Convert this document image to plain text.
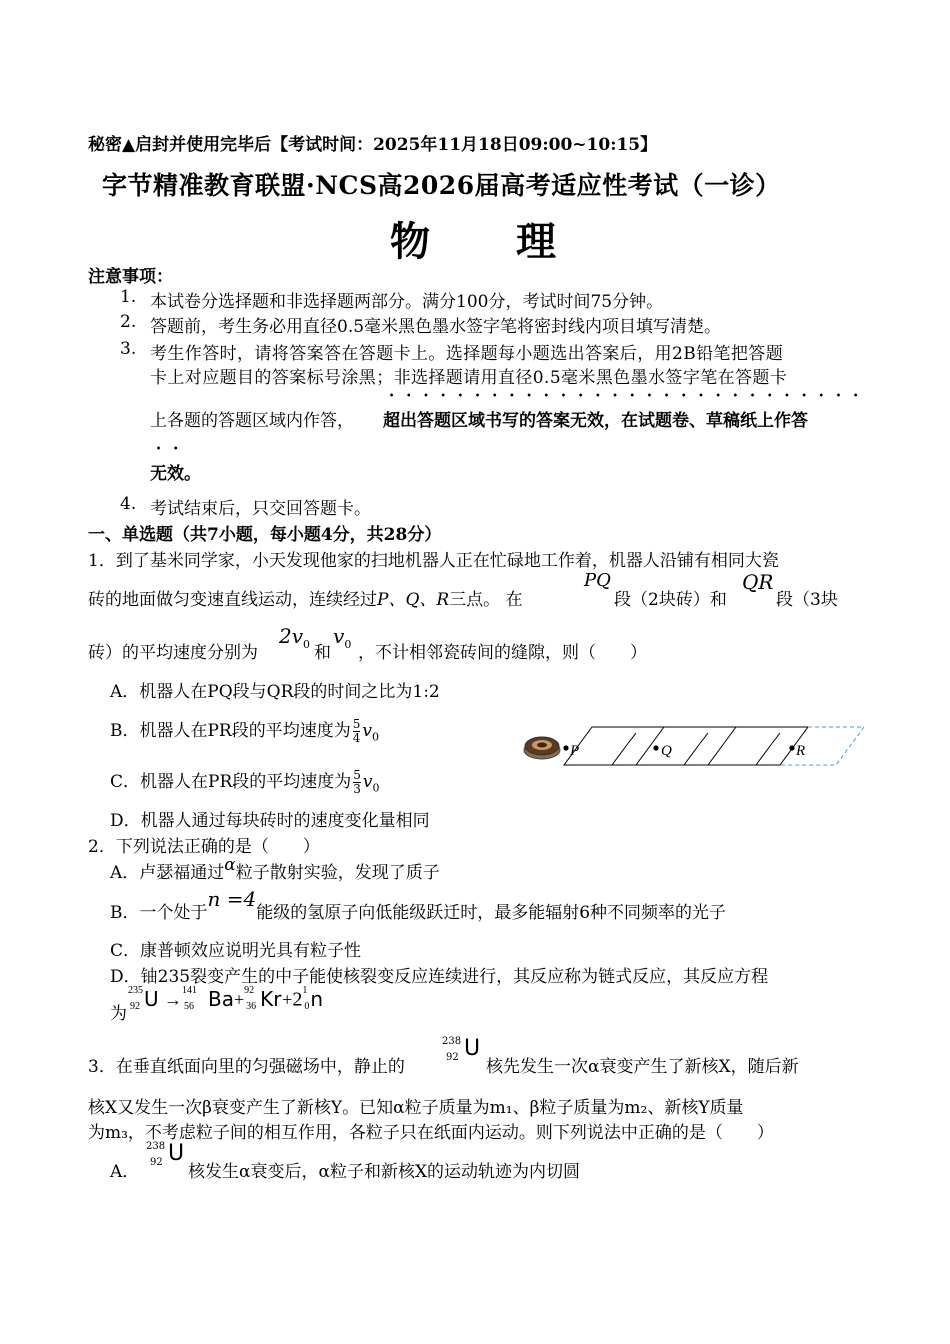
秘密▲启封并使用完毕后【考试时间：2025年11月18日09:00~10:15】
字节精准教育联盟·NCS高2026届高考适应性考试（一诊）
物　　理
注意事项：
1. 本试卷分选择题和非选择题两部分。满分100分，考试时间75分钟。
2. 答题前，考生务必用直径0.5毫米黑色墨水签字笔将密封线内项目填写清楚。
3. 考生作答时，请将答案答在答题卡上。选择题每小题选出答案后，用2B铅笔把答题
卡上对应题目的答案标号涂黑；非选择题请用直径0.5毫米黑色墨水签字笔在答题卡
上各题的答题区域内作答， 超出答题区域书写的答案无效，在试题卷、草稿纸上作答
无效。
4. 考试结束后，只交回答题卡。
一、单选题（共7小题，每小题4分，共28分）
1．到了基米同学家，小天发现他家的扫地机器人正在忙碌地工作着，机器人沿铺有相同大瓷
砖的地面做匀变速直线运动，连续经过P、Q、R三点。 在
PQ
段（2块砖）和
QR
段（3块
砖）的平均速度分别为
$2v_0$ 和
$v_0$ ，不计相邻瓷砖间的缝隙，则（　　）
A．机器人在PQ段与QR段的时间之比为1:2
B．机器人在PR段的平均速度为 $\frac{5}{4} v_0$
C．机器人在PR段的平均速度为 $\frac{5}{3} v_0$
D．机器人通过每块砖时的速度变化量相同
P	Q	R
2．下列说法正确的是（　　）
A．卢瑟福通过α粒子散射实验，发现了质子
B．一个处于n =4能级的氢原子向低能级跃迁时，最多能辐射6种不同频率的光子
C．康普顿效应说明光具有粒子性
D．铀235裂变产生的中子能使核裂变反应连续进行，其反应称为链式反应，其反应方程
为
235
92 U → 141
56 Ba + 92
36 Kr +2 1
0 n
3．在垂直纸面向里的匀强磁场中，静止的
238
92 U
核先发生一次α衰变产生了新核X，随后新
核X又发生一次β衰变产生了新核Y。已知α粒子质量为m₁、β粒子质量为m₂、新核Y质量
为m₃，不考虑粒子间的相互作用，各粒子只在纸面内运动。则下列说法中正确的是（　　）
A．
238
92 U
核发生α衰变后，α粒子和新核X的运动轨迹为内切圆
